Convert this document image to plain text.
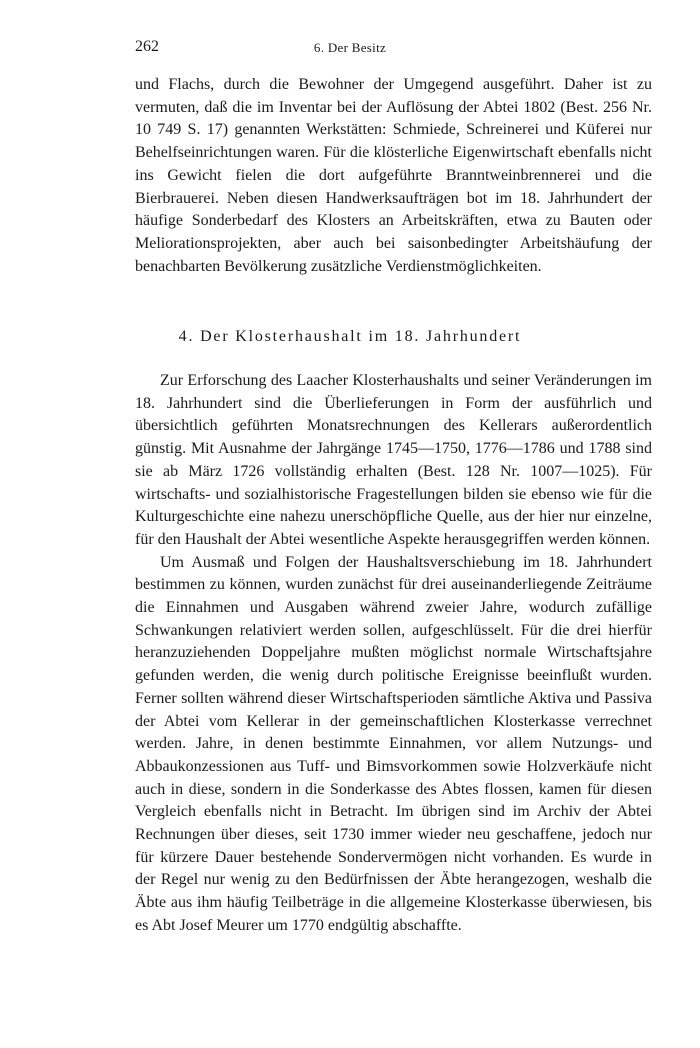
262	6. Der Besitz

und Flachs, durch die Bewohner der Umgegend ausgeführt. Daher ist zu vermuten, daß die im Inventar bei der Auflösung der Abtei 1802 (Best. 256 Nr. 10 749 S. 17) genannten Werkstätten: Schmiede, Schreinerei und Küferei nur Behelfseinrichtungen waren. Für die klösterliche Eigenwirtschaft ebenfalls nicht ins Gewicht fielen die dort aufgeführte Branntweinbrennerei und die Bierbrauerei. Neben diesen Handwerksaufträgen bot im 18. Jahrhundert der häufige Sonderbedarf des Klosters an Arbeitskräften, etwa zu Bauten oder Meliorationsprojekten, aber auch bei saisonbedingter Arbeitshäufung der benachbarten Bevölkerung zusätzliche Verdienstmöglichkeiten.

4. Der Klosterhaushalt im 18. Jahrhundert

Zur Erforschung des Laacher Klosterhaushalts und seiner Veränderungen im 18. Jahrhundert sind die Überlieferungen in Form der ausführlich und übersichtlich geführten Monatsrechnungen des Kellerars außerordentlich günstig. Mit Ausnahme der Jahrgänge 1745—1750, 1776—1786 und 1788 sind sie ab März 1726 vollständig erhalten (Best. 128 Nr. 1007—1025). Für wirtschafts- und sozialhistorische Fragestellungen bilden sie ebenso wie für die Kulturgeschichte eine nahezu unerschöpfliche Quelle, aus der hier nur einzelne, für den Haushalt der Abtei wesentliche Aspekte herausgegriffen werden können.

Um Ausmaß und Folgen der Haushaltsverschiebung im 18. Jahrhundert bestimmen zu können, wurden zunächst für drei auseinanderliegende Zeiträume die Einnahmen und Ausgaben während zweier Jahre, wodurch zufällige Schwankungen relativiert werden sollen, aufgeschlüsselt. Für die drei hierfür heranzuziehenden Doppeljahre mußten möglichst normale Wirtschaftsjahre gefunden werden, die wenig durch politische Ereignisse beeinflußt wurden. Ferner sollten während dieser Wirtschaftsperioden sämtliche Aktiva und Passiva der Abtei vom Kellerar in der gemeinschaftlichen Klosterkasse verrechnet werden. Jahre, in denen bestimmte Einnahmen, vor allem Nutzungs- und Abbaukonzessionen aus Tuff- und Bimsvorkommen sowie Holzverkäufe nicht auch in diese, sondern in die Sonderkasse des Abtes flossen, kamen für diesen Vergleich ebenfalls nicht in Betracht. Im übrigen sind im Archiv der Abtei Rechnungen über dieses, seit 1730 immer wieder neu geschaffene, jedoch nur für kürzere Dauer bestehende Sondervermögen nicht vorhanden. Es wurde in der Regel nur wenig zu den Bedürfnissen der Äbte herangezogen, weshalb die Äbte aus ihm häufig Teilbeträge in die allgemeine Klosterkasse überwiesen, bis es Abt Josef Meurer um 1770 endgültig abschaffte.
